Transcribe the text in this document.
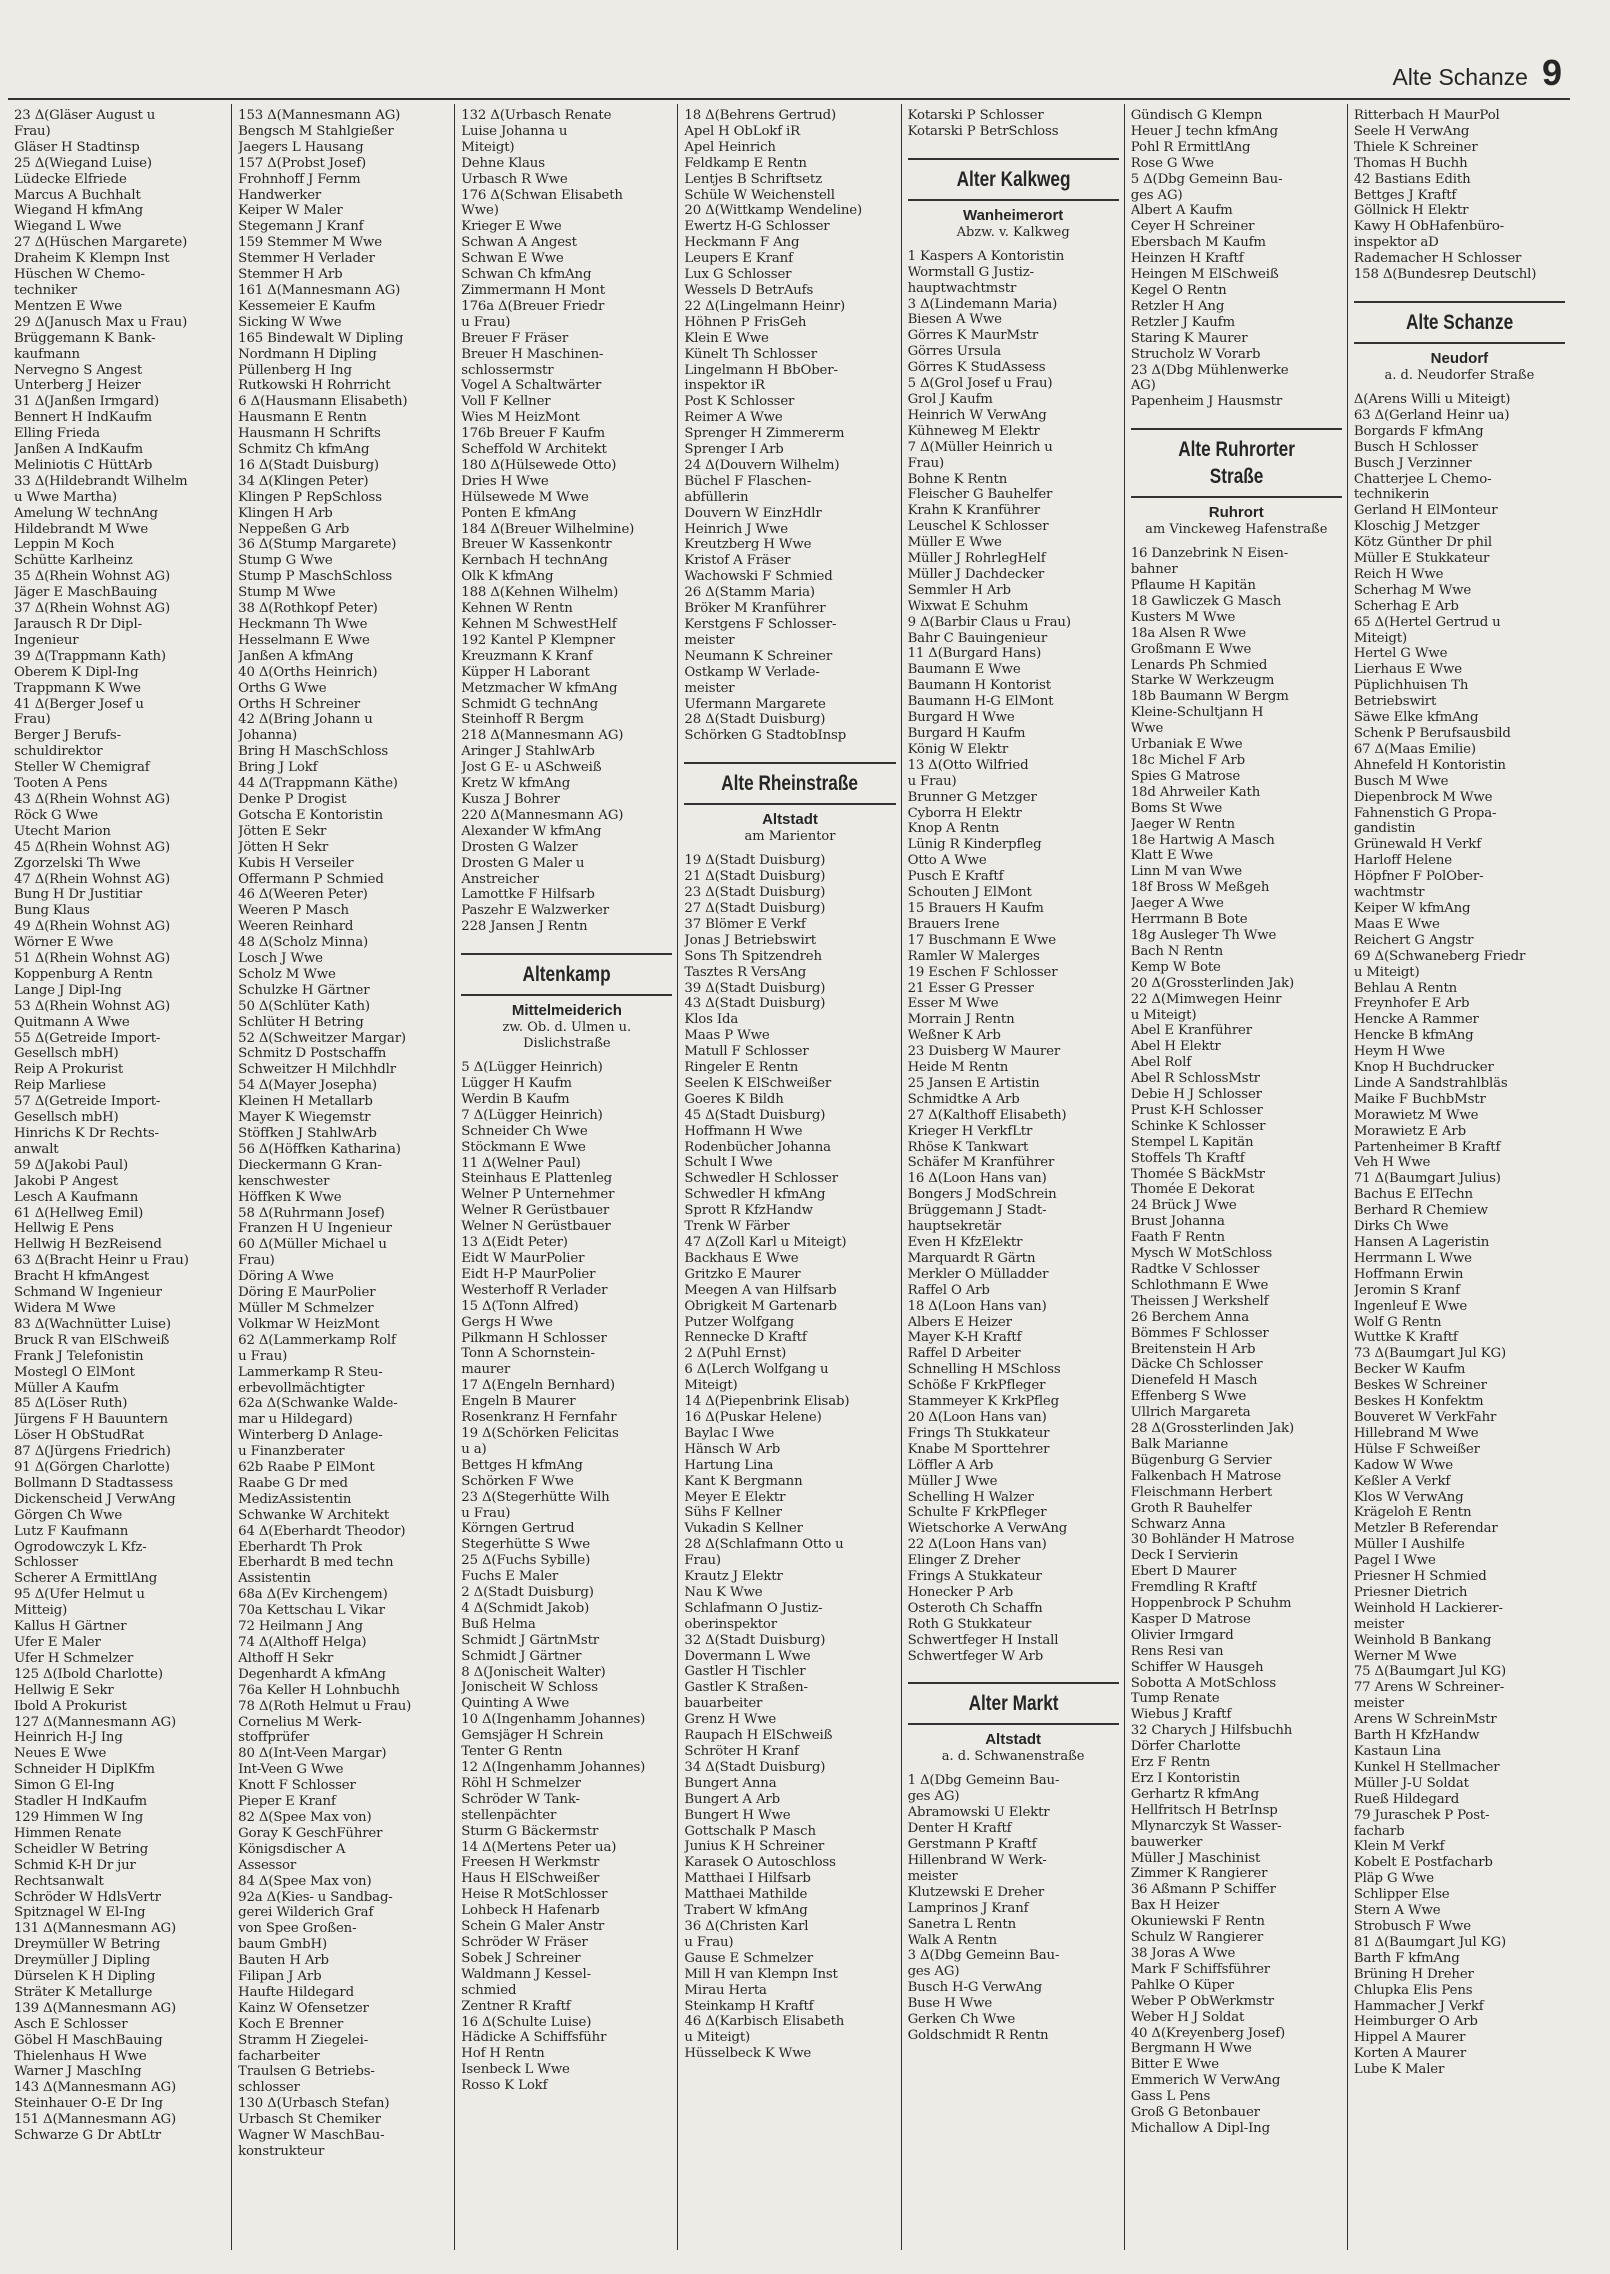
Alte Schanze 9
23 Δ(Gläser August u
Frau)
Gläser H Stadtinsp
25 Δ(Wiegand Luise)
Lüdecke Elfriede
Marcus A Buchhalt
Wiegand H kfmAng
Wiegand L Wwe
27 Δ(Hüschen Margarete)
Draheim K Klempn Inst
Hüschen W Chemo-
techniker
Mentzen E Wwe
29 Δ(Janusch Max u Frau)
Brüggemann K Bank-
kaufmann
Nervegno S Angest
Unterberg J Heizer
31 Δ(Janßen Irmgard)
Bennert H IndKaufm
Elling Frieda
Janßen A IndKaufm
Meliniotis C HüttArb
33 Δ(Hildebrandt Wilhelm
u Wwe Martha)
Amelung W technAng
Hildebrandt M Wwe
Leppin M Koch
Schütte Karlheinz
35 Δ(Rhein Wohnst AG)
Jäger E MaschBauing
37 Δ(Rhein Wohnst AG)
Jarausch R Dr Dipl-
Ingenieur
39 Δ(Trappmann Kath)
Oberem K Dipl-Ing
Trappmann K Wwe
41 Δ(Berger Josef u
Frau)
Berger J Berufs-
schuldirektor
Steller W Chemigraf
Tooten A Pens
43 Δ(Rhein Wohnst AG)
Röck G Wwe
Utecht Marion
45 Δ(Rhein Wohnst AG)
Zgorzelski Th Wwe
47 Δ(Rhein Wohnst AG)
Bung H Dr Justitiar
Bung Klaus
49 Δ(Rhein Wohnst AG)
Wörner E Wwe
51 Δ(Rhein Wohnst AG)
Koppenburg A Rentn
Lange J Dipl-Ing
53 Δ(Rhein Wohnst AG)
Quitmann A Wwe
55 Δ(Getreide Import-
Gesellsch mbH)
Reip A Prokurist
Reip Marliese
57 Δ(Getreide Import-
Gesellsch mbH)
Hinrichs K Dr Rechts-
anwalt
59 Δ(Jakobi Paul)
Jakobi P Angest
Lesch A Kaufmann
61 Δ(Hellweg Emil)
Hellwig E Pens
Hellwig H BezReisend
63 Δ(Bracht Heinr u Frau)
Bracht H kfmAngest
Schmand W Ingenieur
Widera M Wwe
83 Δ(Wachnütter Luise)
Bruck R van ElSchweiß
Frank J Telefonistin
Mostegl O ElMont
Müller A Kaufm
85 Δ(Löser Ruth)
Jürgens F H Bauuntern
Löser H ObStudRat
87 Δ(Jürgens Friedrich)
91 Δ(Görgen Charlotte)
Bollmann D Stadtassess
Dickenscheid J VerwAng
Görgen Ch Wwe
Lutz F Kaufmann
Ogrodowczyk L Kfz-
Schlosser
Scherer A ErmittlAng
95 Δ(Ufer Helmut u
Mitteig)
Kallus H Gärtner
Ufer E Maler
Ufer H Schmelzer
125 Δ(Ibold Charlotte)
Hellwig E Sekr
Ibold A Prokurist
127 Δ(Mannesmann AG)
Heinrich H-J Ing
Neues E Wwe
Schneider H DiplKfm
Simon G El-Ing
Stadler H IndKaufm
129 Himmen W Ing
Himmen Renate
Scheidler W Betring
Schmid K-H Dr jur
Rechtsanwalt
Schröder W HdlsVertr
Spitznagel W El-Ing
131 Δ(Mannesmann AG)
Dreymüller W Betring
Dreymüller J Dipling
Dürselen K H Dipling
Sträter K Metallurge
139 Δ(Mannesmann AG)
Asch E Schlosser
Göbel H MaschBauing
Thielenhaus H Wwe
Warner J MaschIng
143 Δ(Mannesmann AG)
Steinhauer O-E Dr Ing
151 Δ(Mannesmann AG)
Schwarze G Dr AbtLtr
153 Δ(Mannesmann AG)
Bengsch M Stahlgießer
Jaegers L Hausang
157 Δ(Probst Josef)
Frohnhoff J Fernm
Handwerker
Keiper W Maler
Stegemann J Kranf
159 Stemmer M Wwe
Stemmer H Verlader
Stemmer H Arb
161 Δ(Mannesmann AG)
Kessemeier E Kaufm
Sicking W Wwe
165 Bindewalt W Dipling
Nordmann H Dipling
Püllenberg H Ing
Rutkowski H Rohrricht
6 Δ(Hausmann Elisabeth)
Hausmann E Rentn
Hausmann H Schrifts
Schmitz Ch kfmAng
16 Δ(Stadt Duisburg)
34 Δ(Klingen Peter)
Klingen P RepSchloss
Klingen H Arb
Neppeßen G Arb
36 Δ(Stump Margarete)
Stump G Wwe
Stump P MaschSchloss
Stump M Wwe
38 Δ(Rothkopf Peter)
Heckmann Th Wwe
Hesselmann E Wwe
Janßen A kfmAng
40 Δ(Orths Heinrich)
Orths G Wwe
Orths H Schreiner
42 Δ(Bring Johann u
Johanna)
Bring H MaschSchloss
Bring J Lokf
44 Δ(Trappmann Käthe)
Denke P Drogist
Gotscha E Kontoristin
Jötten E Sekr
Jötten H Sekr
Kubis H Verseiler
Offermann P Schmied
46 Δ(Weeren Peter)
Weeren P Masch
Weeren Reinhard
48 Δ(Scholz Minna)
Losch J Wwe
Scholz M Wwe
Schulzke H Gärtner
50 Δ(Schlüter Kath)
Schlüter H Betring
52 Δ(Schweitzer Margar)
Schmitz D Postschaffn
Schweitzer H Milchhdlr
54 Δ(Mayer Josepha)
Kleinen H Metallarb
Mayer K Wiegemstr
Stöffken J StahlwArb
56 Δ(Höffken Katharina)
Dieckermann G Kran-
kenschwester
Höffken K Wwe
58 Δ(Ruhrmann Josef)
Franzen H U Ingenieur
60 Δ(Müller Michael u
Frau)
Döring A Wwe
Döring E MaurPolier
Müller M Schmelzer
Volkmar W HeizMont
62 Δ(Lammerkamp Rolf
u Frau)
Lammerkamp R Steu-
erbevollmächtigter
62a Δ(Schwanke Walde-
mar u Hildegard)
Winterberg D Anlage-
u Finanzberater
62b Raabe P ElMont
Raabe G Dr med
MedizAssistentin
Schwanke W Architekt
64 Δ(Eberhardt Theodor)
Eberhardt Th Prok
Eberhardt B med techn
Assistentin
68a Δ(Ev Kirchengem)
70a Kettschau L Vikar
72 Heilmann J Ang
74 Δ(Althoff Helga)
Althoff H Sekr
Degenhardt A kfmAng
76a Keller H Lohnbuchh
78 Δ(Roth Helmut u Frau)
Cornelius M Werk-
stoffprüfer
80 Δ(Int-Veen Margar)
Int-Veen G Wwe
Knott F Schlosser
Pieper E Kranf
82 Δ(Spee Max von)
Goray K GeschFührer
Königsdischer A
Assessor
84 Δ(Spee Max von)
92a Δ(Kies- u Sandbag-
gerei Wilderich Graf
von Spee Großen-
baum GmbH)
Bauten H Arb
Filipan J Arb
Haufte Hildegard
Kainz W Ofensetzer
Koch E Brenner
Stramm H Ziegelei-
facharbeiter
Traulsen G Betriebs-
schlosser
130 Δ(Urbasch Stefan)
Urbasch St Chemiker
Wagner W MaschBau-
konstrukteur
132 Δ(Urbasch Renate
Luise Johanna u
Miteigt)
Dehne Klaus
Urbasch R Wwe
176 Δ(Schwan Elisabeth
Wwe)
Krieger E Wwe
Schwan A Angest
Schwan E Wwe
Schwan Ch kfmAng
Zimmermann H Mont
176a Δ(Breuer Friedr
u Frau)
Breuer F Fräser
Breuer H Maschinen-
schlossermstr
Vogel A Schaltwärter
Voll F Kellner
Wies M HeizMont
176b Breuer F Kaufm
Scheffold W Architekt
180 Δ(Hülsewede Otto)
Dries H Wwe
Hülsewede M Wwe
Ponten E kfmAng
184 Δ(Breuer Wilhelmine)
Breuer W Kassenkontr
Kernbach H technAng
Olk K kfmAng
188 Δ(Kehnen Wilhelm)
Kehnen W Rentn
Kehnen M SchwestHelf
192 Kantel P Klempner
Kreuzmann K Kranf
Küpper H Laborant
Metzmacher W kfmAng
Schmidt G technAng
Steinhoff R Bergm
218 Δ(Mannesmann AG)
Aringer J StahlwArb
Jost G E- u ASchweiß
Kretz W kfmAng
Kusza J Bohrer
220 Δ(Mannesmann AG)
Alexander W kfmAng
Drosten G Walzer
Drosten G Maler u
Anstreicher
Lamottke F Hilfsarb
Paszehr E Walzwerker
228 Jansen J Rentn
Altenkamp
Mittelmeiderich
zw. Ob. d. Ulmen u.
Dislichstraße
5 Δ(Lügger Heinrich)
Lügger H Kaufm
Werdin B Kaufm
7 Δ(Lügger Heinrich)
Schneider Ch Wwe
Stöckmann E Wwe
11 Δ(Welner Paul)
Steinhaus E Plattenleg
Welner P Unternehmer
Welner R Gerüstbauer
Welner N Gerüstbauer
13 Δ(Eidt Peter)
Eidt W MaurPolier
Eidt H-P MaurPolier
Westerhoff R Verlader
15 Δ(Tonn Alfred)
Gergs H Wwe
Pilkmann H Schlosser
Tonn A Schornstein-
maurer
17 Δ(Engeln Bernhard)
Engeln B Maurer
Rosenkranz H Fernfahr
19 Δ(Schörken Felicitas
u a)
Bettges H kfmAng
Schörken F Wwe
23 Δ(Stegerhütte Wilh
u Frau)
Körngen Gertrud
Stegerhütte S Wwe
25 Δ(Fuchs Sybille)
Fuchs E Maler
2 Δ(Stadt Duisburg)
4 Δ(Schmidt Jakob)
Buß Helma
Schmidt J GärtnMstr
Schmidt J Gärtner
8 Δ(Jonischeit Walter)
Jonischeit W Schloss
Quinting A Wwe
10 Δ(Ingenhamm Johannes)
Gemsjäger H Schrein
Tenter G Rentn
12 Δ(Ingenhamm Johannes)
Röhl H Schmelzer
Schröder W Tank-
stellenpächter
Sturm G Bäckermstr
14 Δ(Mertens Peter ua)
Freesen H Werkmstr
Haus H ElSchweißer
Heise R MotSchlosser
Lohbeck H Hafenarb
Schein G Maler Anstr
Schröder W Fräser
Sobek J Schreiner
Waldmann J Kessel-
schmied
Zentner R Kraftf
16 Δ(Schulte Luise)
Hädicke A Schiffsführ
Hof H Rentn
Isenbeck L Wwe
Rosso K Lokf
18 Δ(Behrens Gertrud)
Apel H ObLokf iR
Apel Heinrich
Feldkamp E Rentn
Lentjes B Schriftsetz
Schüle W Weichenstell
20 Δ(Wittkamp Wendeline)
Ewertz H-G Schlosser
Heckmann F Ang
Leupers E Kranf
Lux G Schlosser
Wessels D BetrAufs
22 Δ(Lingelmann Heinr)
Höhnen P FrisGeh
Klein E Wwe
Künelt Th Schlosser
Lingelmann H BbOber-
inspektor iR
Post K Schlosser
Reimer A Wwe
Sprenger H Zimmererm
Sprenger I Arb
24 Δ(Douvern Wilhelm)
Büchel F Flaschen-
abfüllerin
Douvern W EinzHdlr
Heinrich J Wwe
Kreutzberg H Wwe
Kristof A Fräser
Wachowski F Schmied
26 Δ(Stamm Maria)
Bröker M Kranführer
Kerstgens F Schlosser-
meister
Neumann K Schreiner
Ostkamp W Verlade-
meister
Ufermann Margarete
28 Δ(Stadt Duisburg)
Schörken G StadtobInsp
Alte Rheinstraße
Altstadt
am Marientor
19 Δ(Stadt Duisburg)
21 Δ(Stadt Duisburg)
23 Δ(Stadt Duisburg)
27 Δ(Stadt Duisburg)
37 Blömer E Verkf
Jonas J Betriebswirt
Sons Th Spitzendreh
Tasztes R VersAng
39 Δ(Stadt Duisburg)
43 Δ(Stadt Duisburg)
Klos Ida
Maas P Wwe
Matull F Schlosser
Ringeler E Rentn
Seelen K ElSchweißer
Goeres K Bildh
45 Δ(Stadt Duisburg)
Hoffmann H Wwe
Rodenbücher Johanna
Schult I Wwe
Schwedler H Schlosser
Schwedler H kfmAng
Sprott R KfzHandw
Trenk W Färber
47 Δ(Zoll Karl u Miteigt)
Backhaus E Wwe
Gritzko E Maurer
Meegen A van Hilfsarb
Obrigkeit M Gartenarb
Putzer Wolfgang
Rennecke D Kraftf
2 Δ(Puhl Ernst)
6 Δ(Lerch Wolfgang u
Miteigt)
14 Δ(Piepenbrink Elisab)
16 Δ(Puskar Helene)
Baylac I Wwe
Hänsch W Arb
Hartung Lina
Kant K Bergmann
Meyer E Elektr
Sühs F Kellner
Vukadin S Kellner
28 Δ(Schlafmann Otto u
Frau)
Krautz J Elektr
Nau K Wwe
Schlafmann O Justiz-
oberinspektor
32 Δ(Stadt Duisburg)
Dovermann L Wwe
Gastler H Tischler
Gastler K Straßen-
bauarbeiter
Grenz H Wwe
Raupach H ElSchweiß
Schröter H Kranf
34 Δ(Stadt Duisburg)
Bungert Anna
Bungert A Arb
Bungert H Wwe
Gottschalk P Masch
Junius K H Schreiner
Karasek O Autoschloss
Matthaei I Hilfsarb
Matthaei Mathilde
Trabert W kfmAng
36 Δ(Christen Karl
u Frau)
Gause E Schmelzer
Mill H van Klempn Inst
Mirau Herta
Steinkamp H Kraftf
46 Δ(Karbisch Elisabeth
u Miteigt)
Hüsselbeck K Wwe
Kotarski P Schlosser
Kotarski P BetrSchloss
Alter Kalkweg
Wanheimerort
Abzw. v. Kalkweg
1 Kaspers A Kontoristin
Wormstall G Justiz-
hauptwachtmstr
3 Δ(Lindemann Maria)
Biesen A Wwe
Görres K MaurMstr
Görres Ursula
Görres K StudAssess
5 Δ(Grol Josef u Frau)
Grol J Kaufm
Heinrich W VerwAng
Kühneweg M Elektr
7 Δ(Müller Heinrich u
Frau)
Bohne K Rentn
Fleischer G Bauhelfer
Krahn K Kranführer
Leuschel K Schlosser
Müller E Wwe
Müller J RohrlegHelf
Müller J Dachdecker
Semmler H Arb
Wixwat E Schuhm
9 Δ(Barbir Claus u Frau)
Bahr C Bauingenieur
11 Δ(Burgard Hans)
Baumann E Wwe
Baumann H Kontorist
Baumann H-G ElMont
Burgard H Wwe
Burgard H Kaufm
König W Elektr
13 Δ(Otto Wilfried
u Frau)
Brunner G Metzger
Cyborra H Elektr
Knop A Rentn
Lünig R Kinderpfleg
Otto A Wwe
Pusch E Kraftf
Schouten J ElMont
15 Brauers H Kaufm
Brauers Irene
17 Buschmann E Wwe
Ramler W Malerges
19 Eschen F Schlosser
21 Esser G Presser
Esser M Wwe
Morrain J Rentn
Weßner K Arb
23 Duisberg W Maurer
Heide M Rentn
25 Jansen E Artistin
Schmidtke A Arb
27 Δ(Kalthoff Elisabeth)
Krieger H VerkfLtr
Rhöse K Tankwart
Schäfer M Kranführer
16 Δ(Loon Hans van)
Bongers J ModSchrein
Brüggemann J Stadt-
hauptsekretär
Even H KfzElektr
Marquardt R Gärtn
Merkler O Mülladder
Raffel O Arb
18 Δ(Loon Hans van)
Albers E Heizer
Mayer K-H Kraftf
Raffel D Arbeiter
Schnelling H MSchloss
Schöße F KrkPfleger
Stammeyer K KrkPfleg
20 Δ(Loon Hans van)
Frings Th Stukkateur
Knabe M Sporttehrer
Löffler A Arb
Müller J Wwe
Schelling H Walzer
Schulte F KrkPfleger
Wietschorke A VerwAng
22 Δ(Loon Hans van)
Elinger Z Dreher
Frings A Stukkateur
Honecker P Arb
Osteroth Ch Schaffn
Roth G Stukkateur
Schwertfeger H Install
Schwertfeger W Arb
Alter Markt
Altstadt
a. d. Schwanenstraße
1 Δ(Dbg Gemeinn Bau-
ges AG)
Abramowski U Elektr
Denter H Kraftf
Gerstmann P Kraftf
Hillenbrand W Werk-
meister
Klutzewski E Dreher
Lamprinos J Kranf
Sanetra L Rentn
Walk A Rentn
3 Δ(Dbg Gemeinn Bau-
ges AG)
Busch H-G VerwAng
Buse H Wwe
Gerken Ch Wwe
Goldschmidt R Rentn
Gündisch G Klempn
Heuer J techn kfmAng
Pohl R ErmittlAng
Rose G Wwe
5 Δ(Dbg Gemeinn Bau-
ges AG)
Albert A Kaufm
Ceyer H Schreiner
Ebersbach M Kaufm
Heinzen H Kraftf
Heingen M ElSchweiß
Kegel O Rentn
Retzler H Ang
Retzler J Kaufm
Staring K Maurer
Strucholz W Vorarb
23 Δ(Dbg Mühlenwerke
AG)
Papenheim J Hausmstr
Alte Ruhrorter Straße
Ruhrort
am Vinckeweg Hafenstraße
16 Danzebrink N Eisen-
bahner
Pflaume H Kapitän
18 Gawliczek G Masch
Kusters M Wwe
18a Alsen R Wwe
Großmann E Wwe
Lenards Ph Schmied
Starke W Werkzeugm
18b Baumann W Bergm
Kleine-Schultjann H
Wwe
Urbaniak E Wwe
18c Michel F Arb
Spies G Matrose
18d Ahrweiler Kath
Boms St Wwe
Jaeger W Rentn
18e Hartwig A Masch
Klatt E Wwe
Linn M van Wwe
18f Bross W Meßgeh
Jaeger A Wwe
Herrmann B Bote
18g Ausleger Th Wwe
Bach N Rentn
Kemp W Bote
20 Δ(Grossterlinden Jak)
22 Δ(Mimwegen Heinr
u Miteigt)
Abel E Kranführer
Abel H Elektr
Abel Rolf
Abel R SchlossMstr
Debie H J Schlosser
Prust K-H Schlosser
Schinke K Schlosser
Stempel L Kapitän
Stoffels Th Kraftf
Thomée S BäckMstr
Thomée E Dekorat
24 Brück J Wwe
Brust Johanna
Faath F Rentn
Mysch W MotSchloss
Radtke V Schlosser
Schlothmann E Wwe
Theissen J Werkshelf
26 Berchem Anna
Bömmes F Schlosser
Breitenstein H Arb
Däcke Ch Schlosser
Dienefeld H Masch
Effenberg S Wwe
Ullrich Margareta
28 Δ(Grossterlinden Jak)
Balk Marianne
Bügenburg G Servier
Falkenbach H Matrose
Fleischmann Herbert
Groth R Bauhelfer
Schwarz Anna
30 Bohländer H Matrose
Deck I Servierin
Ebert D Maurer
Fremdling R Kraftf
Hoppenbrock P Schuhm
Kasper D Matrose
Olivier Irmgard
Rens Resi van
Schiffer W Hausgeh
Sobotta A MotSchloss
Tump Renate
Wiebus J Kraftf
32 Charych J Hilfsbuchh
Dörfer Charlotte
Erz F Rentn
Erz I Kontoristin
Gerhartz R kfmAng
Hellfritsch H BetrInsp
Mlynarczyk St Wasser-
bauwerker
Müller J Maschinist
Zimmer K Rangierer
36 Aßmann P Schiffer
Bax H Heizer
Okuniewski F Rentn
Schulz W Rangierer
38 Joras A Wwe
Mark F Schiffsführer
Pahlke O Küper
Weber P ObWerkmstr
Weber H J Soldat
40 Δ(Kreyenberg Josef)
Bergmann H Wwe
Bitter E Wwe
Emmerich W VerwAng
Gass L Pens
Groß G Betonbauer
Michallow A Dipl-Ing
Ritterbach H MaurPol
Seele H VerwAng
Thiele K Schreiner
Thomas H Buchh
42 Bastians Edith
Bettges J Kraftf
Göllnick H Elektr
Kawy H ObHafenbüro-
inspektor aD
Rademacher H Schlosser
158 Δ(Bundesrep Deutschl)
Alte Schanze
Neudorf
a. d. Neudorfer Straße
Δ(Arens Willi u Miteigt)
63 Δ(Gerland Heinr ua)
Borgards F kfmAng
Busch H Schlosser
Busch J Verzinner
Chatterjee L Chemo-
technikerin
Gerland H ElMonteur
Kloschig J Metzger
Kötz Günther Dr phil
Müller E Stukkateur
Reich H Wwe
Scherhag M Wwe
Scherhag E Arb
65 Δ(Hertel Gertrud u
Miteigt)
Hertel G Wwe
Lierhaus E Wwe
Püplichhuisen Th
Betriebswirt
Säwe Elke kfmAng
Schenk P Berufsausbild
67 Δ(Maas Emilie)
Ahnefeld H Kontoristin
Busch M Wwe
Diepenbrock M Wwe
Fahnenstich G Propa-
gandistin
Grünewald H Verkf
Harloff Helene
Höpfner F PolOber-
wachtmstr
Keiper W kfmAng
Maas E Wwe
Reichert G Angstr
69 Δ(Schwaneberg Friedr
u Miteigt)
Behlau A Rentn
Freynhofer E Arb
Hencke A Rammer
Hencke B kfmAng
Heym H Wwe
Knop H Buchdrucker
Linde A Sandstrahlbläs
Maike F BuchbMstr
Morawietz M Wwe
Morawietz E Arb
Partenheimer B Kraftf
Veh H Wwe
71 Δ(Baumgart Julius)
Bachus E ElTechn
Berhard R Chemiew
Dirks Ch Wwe
Hansen A Lageristin
Herrmann L Wwe
Hoffmann Erwin
Jeromin S Kranf
Ingenleuf E Wwe
Wolf G Rentn
Wuttke K Kraftf
73 Δ(Baumgart Jul KG)
Becker W Kaufm
Beskes W Schreiner
Beskes H Konfektm
Bouveret W VerkFahr
Hillebrand M Wwe
Hülse F Schweißer
Kadow W Wwe
Keßler A Verkf
Klos W VerwAng
Krägeloh E Rentn
Metzler B Referendar
Müller I Aushilfe
Pagel I Wwe
Priesner H Schmied
Priesner Dietrich
Weinhold H Lackierer-
meister
Weinhold B Bankang
Werner M Wwe
75 Δ(Baumgart Jul KG)
77 Arens W Schreiner-
meister
Arens W SchreinMstr
Barth H KfzHandw
Kastaun Lina
Kunkel H Stellmacher
Müller J-U Soldat
Rueß Hildegard
79 Juraschek P Post-
facharb
Klein M Verkf
Kobelt E Postfacharb
Pläp G Wwe
Schlipper Else
Stern A Wwe
Strobusch F Wwe
81 Δ(Baumgart Jul KG)
Barth F kfmAng
Brüning H Dreher
Chlupka Elis Pens
Hammacher J Verkf
Heimburger O Arb
Hippel A Maurer
Korten A Maurer
Lube K Maler
